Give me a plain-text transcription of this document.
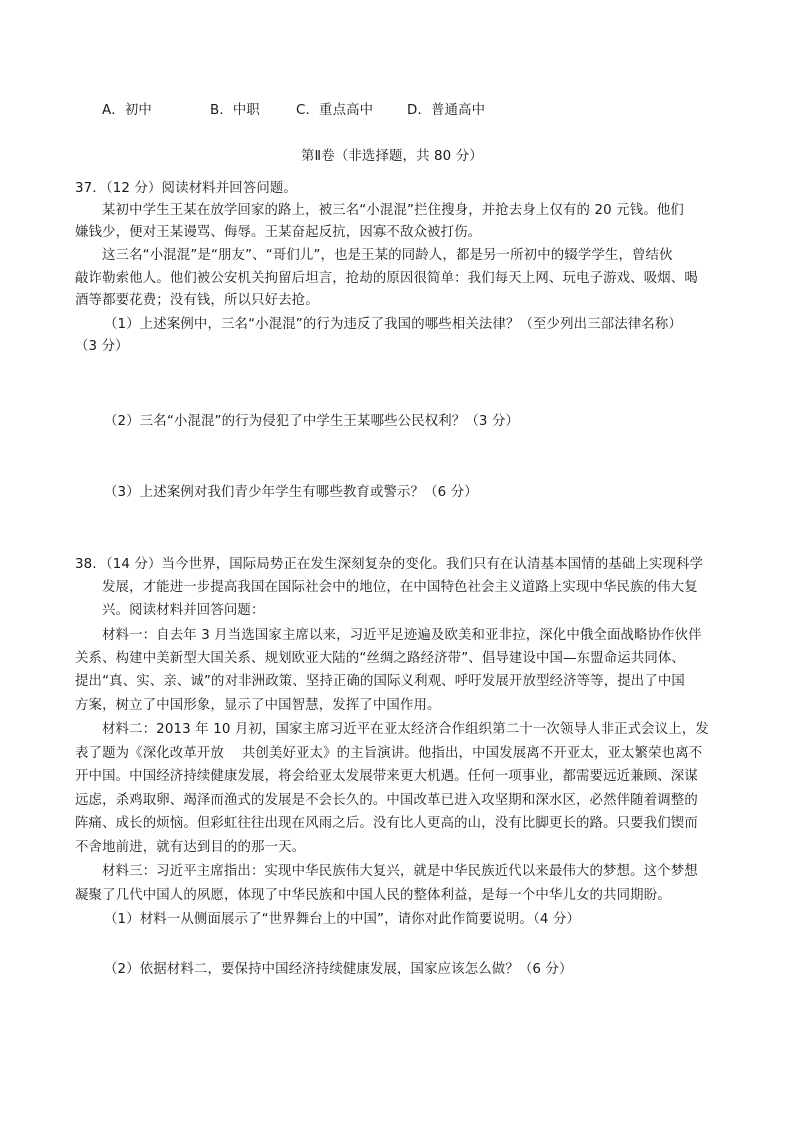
A．初中	B．中职	C．重点高中	D．普通高中
第Ⅱ卷（非选择题，共 80 分）
37．（12 分）阅读材料并回答问题。
某初中学生王某在放学回家的路上，被三名“小混混”拦住搜身，并抢去身上仅有的 20 元钱。他们
嫌钱少，便对王某谩骂、侮辱。王某奋起反抗，因寡不敌众被打伤。
这三名“小混混”是“朋友”、“哥们儿”，也是王某的同龄人，都是另一所初中的辍学学生，曾结伙
敲诈勒索他人。他们被公安机关拘留后坦言，抢劫的原因很简单：我们每天上网、玩电子游戏、吸烟、喝
酒等都要花费；没有钱，所以只好去抢。
（1）上述案例中，三名“小混混”的行为违反了我国的哪些相关法律？（至少列出三部法律名称）
（3 分）
（2）三名“小混混”的行为侵犯了中学生王某哪些公民权利？（3 分）
（3）上述案例对我们青少年学生有哪些教育或警示？（6 分）
38．（14 分）当今世界，国际局势正在发生深刻复杂的变化。我们只有在认清基本国情的基础上实现科学
发展，才能进一步提高我国在国际社会中的地位，在中国特色社会主义道路上实现中华民族的伟大复
兴。阅读材料并回答问题：
材料一：自去年 3 月当选国家主席以来，习近平足迹遍及欧美和亚非拉，深化中俄全面战略协作伙伴
关系、构建中美新型大国关系、规划欧亚大陆的“丝绸之路经济带”、倡导建设中国—东盟命运共同体、
提出“真、实、亲、诚”的对非洲政策、坚持正确的国际义利观、呼吁发展开放型经济等等，提出了中国
方案，树立了中国形象，显示了中国智慧，发挥了中国作用。
材料二：2013 年 10 月初，国家主席习近平在亚太经济合作组织第二十一次领导人非正式会议上，发
表了题为《深化改革开放　 共创美好亚太》的主旨演讲。他指出，中国发展离不开亚太，亚太繁荣也离不
开中国。中国经济持续健康发展，将会给亚太发展带来更大机遇。任何一项事业，都需要远近兼顾、深谋
远虑，杀鸡取卵、竭泽而渔式的发展是不会长久的。中国改革已进入攻坚期和深水区，必然伴随着调整的
阵痛、成长的烦恼。但彩虹往往出现在风雨之后。没有比人更高的山，没有比脚更长的路。只要我们锲而
不舍地前进，就有达到目的的那一天。
材料三：习近平主席指出：实现中华民族伟大复兴，就是中华民族近代以来最伟大的梦想。这个梦想
凝聚了几代中国人的夙愿，体现了中华民族和中国人民的整体利益，是每一个中华儿女的共同期盼。
（1）材料一从侧面展示了“世界舞台上的中国”，请你对此作简要说明。（4 分）
（2）依据材料二，要保持中国经济持续健康发展，国家应该怎么做？（6 分）
